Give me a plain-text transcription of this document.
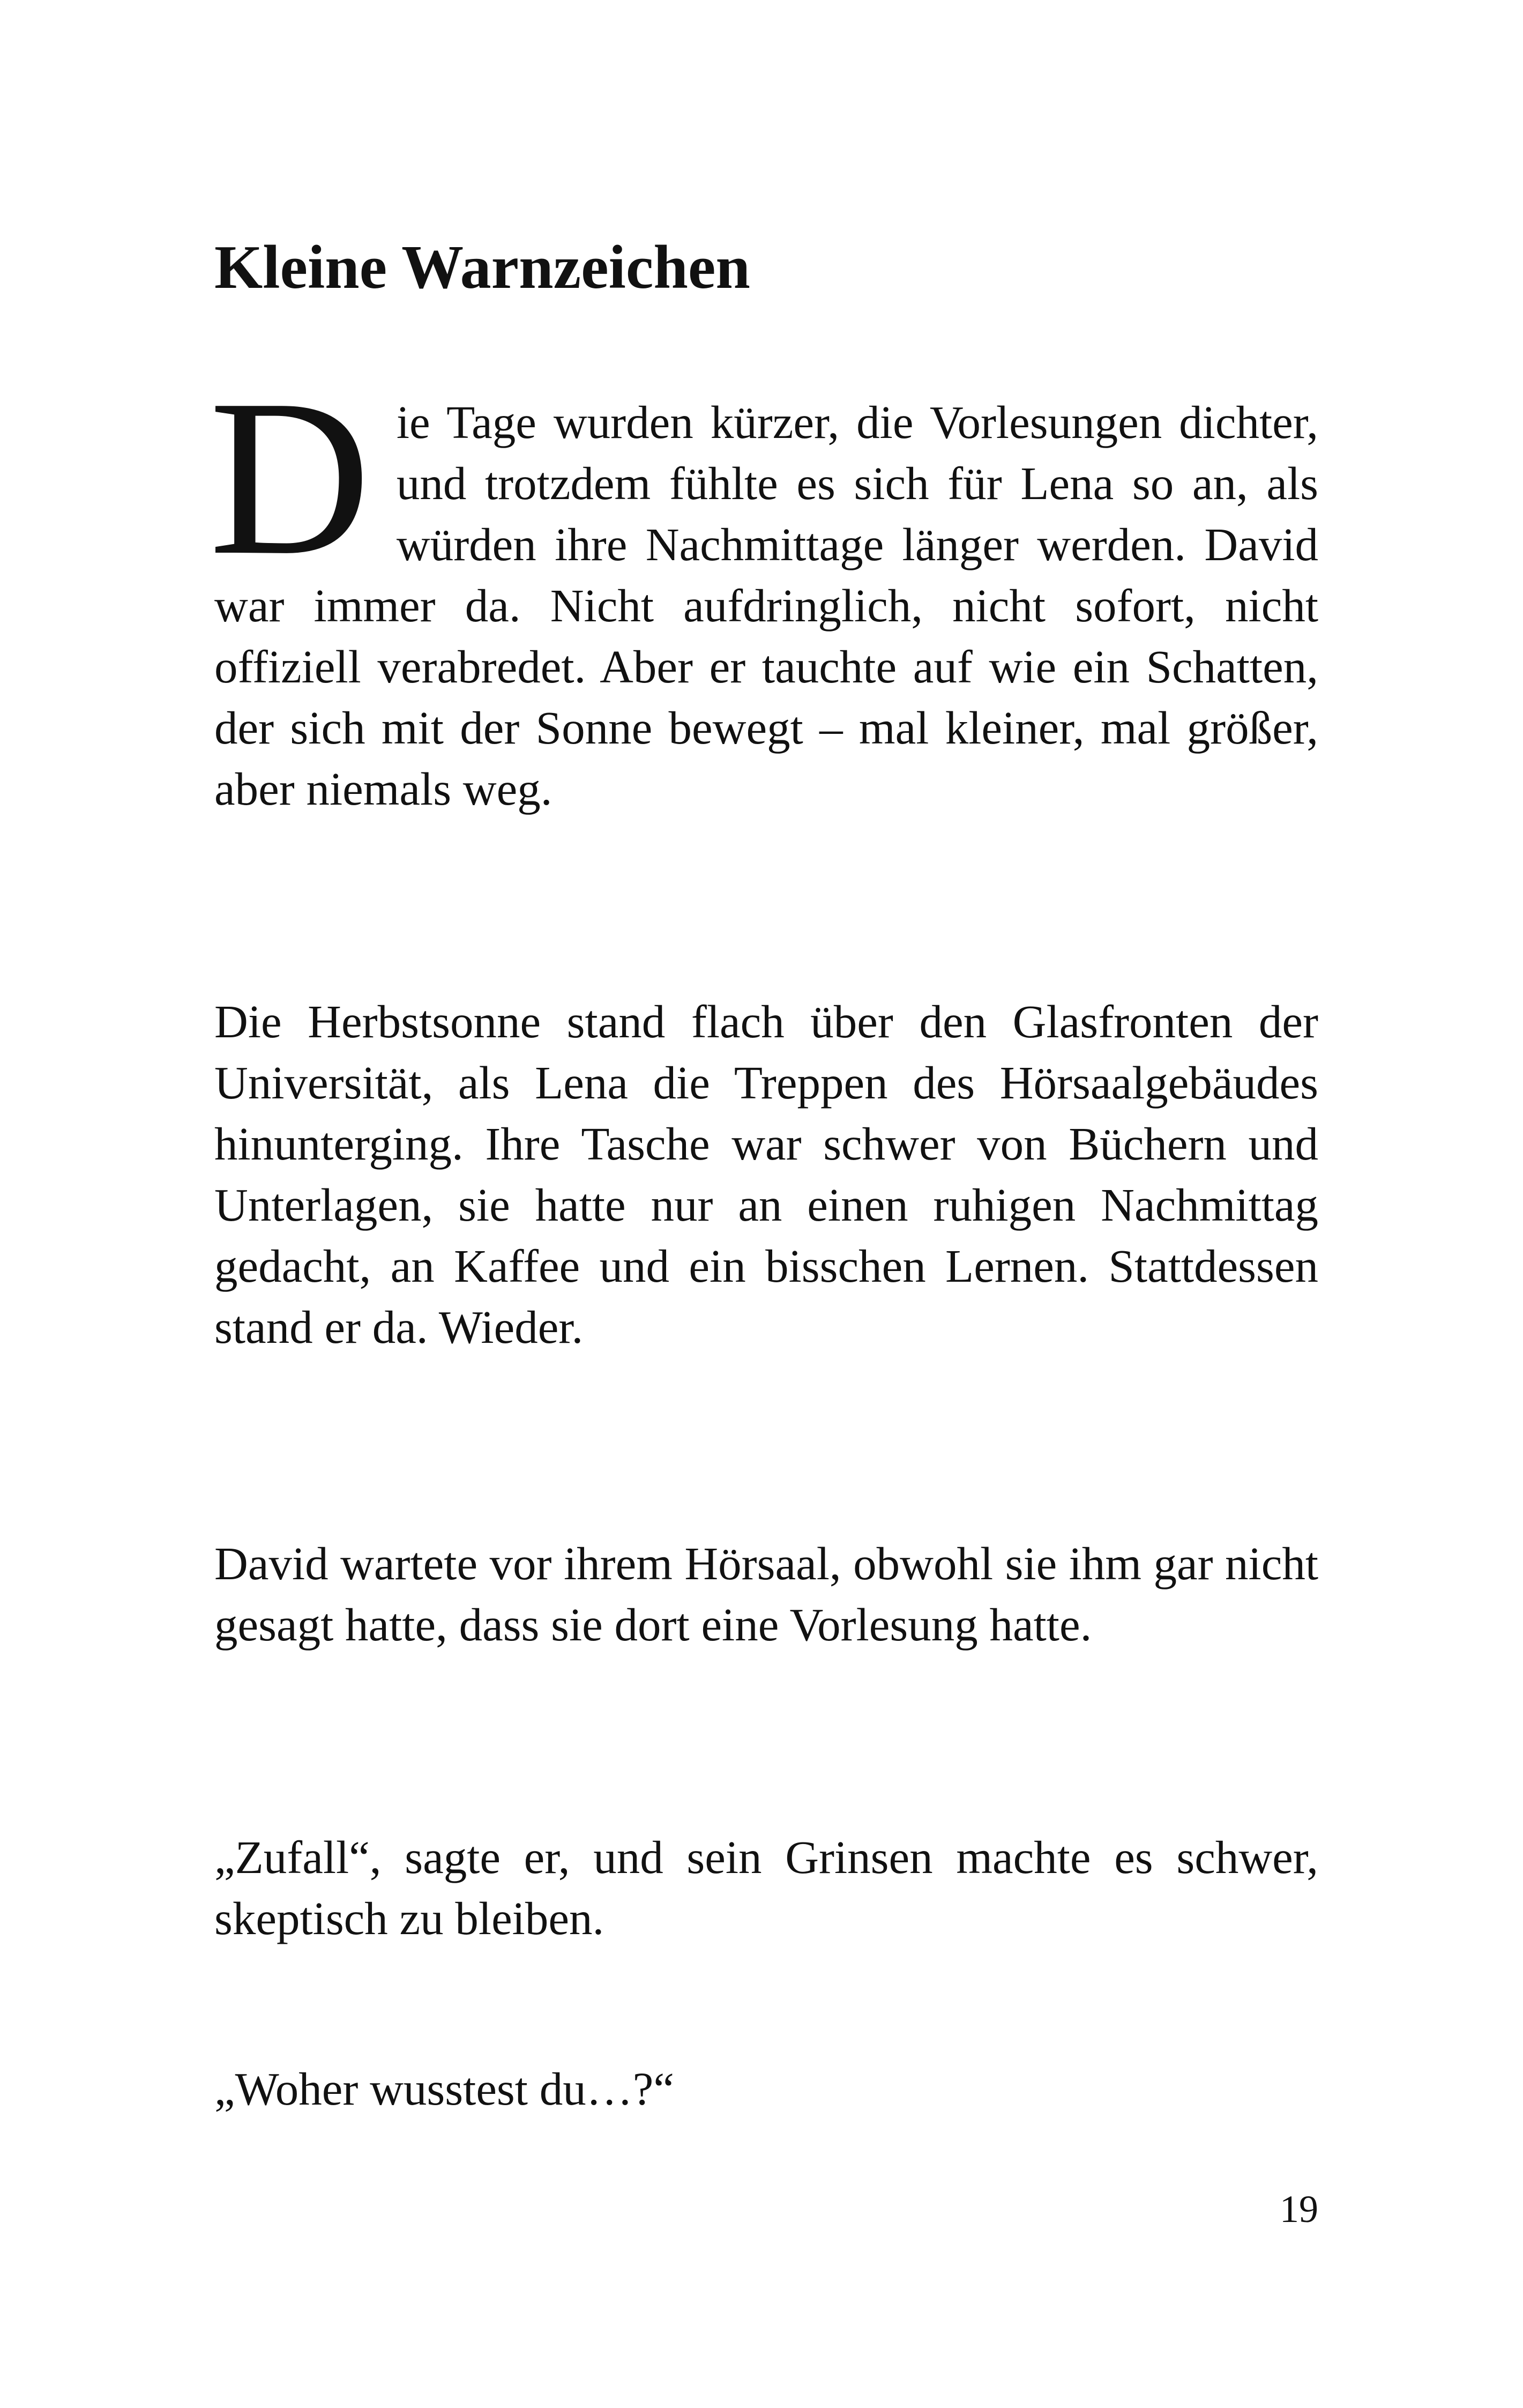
Kleine Warnzeichen

Die Tage wurden kürzer, die Vorlesungen dichter, und trotzdem fühlte es sich für Lena so an, als würden ihre Nachmittage länger werden. David war immer da. Nicht aufdringlich, nicht sofort, nicht offiziell verabredet. Aber er tauchte auf wie ein Schatten, der sich mit der Sonne bewegt – mal kleiner, mal größer, aber niemals weg.

Die Herbstsonne stand flach über den Glasfronten der Universität, als Lena die Treppen des Hörsaalgebäudes hinunterging. Ihre Tasche war schwer von Büchern und Unterlagen, sie hatte nur an einen ruhigen Nachmittag gedacht, an Kaffee und ein bisschen Lernen. Stattdessen stand er da. Wieder.

David wartete vor ihrem Hörsaal, obwohl sie ihm gar nicht gesagt hatte, dass sie dort eine Vorlesung hatte.

„Zufall“, sagte er, und sein Grinsen machte es schwer, skeptisch zu bleiben.

„Woher wusstest du…?“

19
